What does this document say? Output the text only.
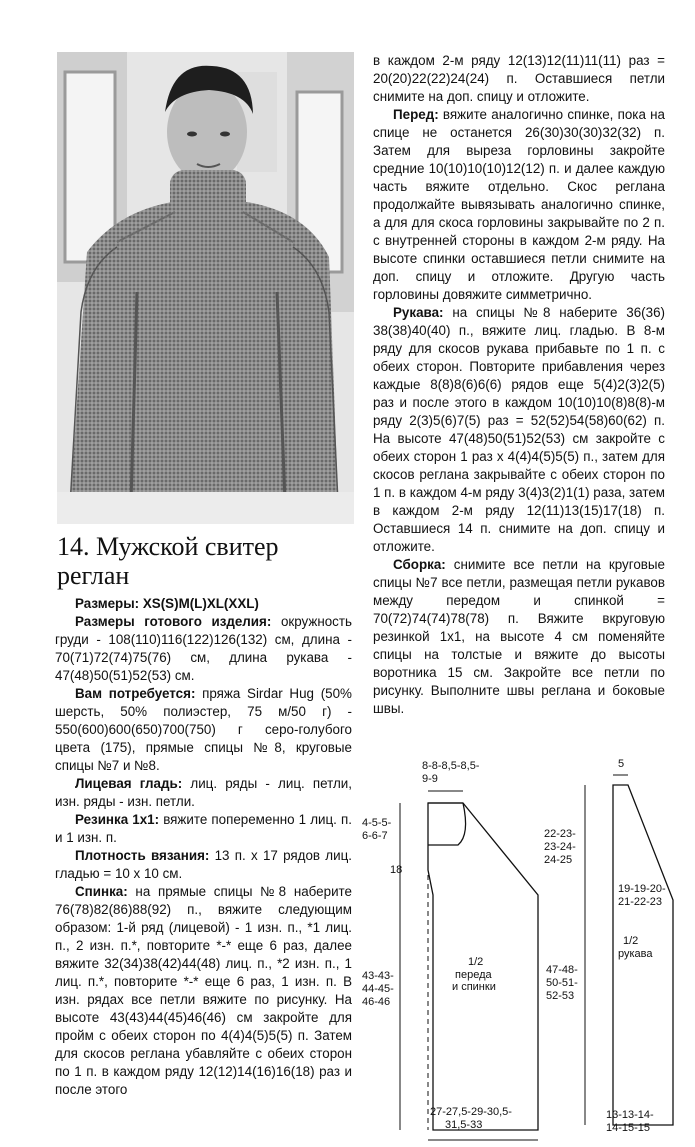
14. Мужской свитер реглан

Размеры: XS(S)M(L)XL(XXL)

Размеры готового изделия: окружность груди - 108(110)116(122)126(132) см, длина - 70(71)72(74)75(76) см, длина рукава - 47(48)50(51)52(53) см.

Вам потребуется: пряжа Sirdar Hug (50% шерсть, 50% полиэстер, 75 м/50 г) - 550(600)600(650)700(750) г серо-голубого цвета (175), прямые спицы №8, круговые спицы №7 и №8.

Лицевая гладь: лиц. ряды - лиц. петли, изн. ряды - изн. петли.

Резинка 1х1: вяжите попеременно 1 лиц. п. и 1 изн. п.

Плотность вязания: 13 п. х 17 рядов лиц. гладью = 10 х 10 см.

Спинка: на прямые спицы №8 наберите 76(78)82(86)88(92) п., вяжите следующим образом: 1-й ряд (лицевой) - 1 изн. п., *1 лиц. п., 2 изн. п.*, повторите *-* еще 6 раз, далее вяжите 32(34)38(42)44(48) лиц. п., *2 изн. п., 1 лиц. п.*, повторите *-* еще 6 раз, 1 изн. п. В изн. рядах все петли вяжите по рисунку. На высоте 43(43)44(45)46(46) см закройте для пройм с обеих сторон по 4(4)4(5)5(5) п. Затем для скосов реглана убавляйте с обеих сторон по 1 п. в каждом ряду 12(12)14(16)16(18) раз и после этого

в каждом 2-м ряду 12(13)12(11)11(11) раз = 20(20)22(22)24(24) п. Оставшиеся петли снимите на доп. спицу и отложите.

Перед: вяжите аналогично спинке, пока на спице не останется 26(30)30(30)32(32) п. Затем для выреза горловины закройте средние 10(10)10(10)12(12) п. и далее каждую часть вяжите отдельно. Скос реглана продолжайте вывязывать аналогично спинке, а для для скоса горловины закрывайте по 2 п. с внутренней стороны в каждом 2-м ряду. На высоте спинки оставшиеся петли снимите на доп. спицу и отложите. Другую часть горловины довяжите симметрично.

Рукава: на спицы №8 наберите 36(36) 38(38)40(40) п., вяжите лиц. гладью. В 8-м ряду для скосов рукава прибавьте по 1 п. с обеих сторон. Повторите прибавления через каждые 8(8)8(6)6(6) рядов еще 5(4)2(3)2(5) раз и после этого в каждом 10(10)10(8)8(8)-м ряду 2(3)5(6)7(5) раз = 52(52)54(58)60(62) п. На высоте 47(48)50(51)52(53) см закройте с обеих сторон 1 раз х 4(4)4(5)5(5) п., затем для скосов реглана закрывайте с обеих сторон по 1 п. в каждом 4-м ряду 3(4)3(2)1(1) раза, затем в каждом 2-м ряду 12(11)13(15)17(18) п. Оставшиеся 14 п. снимите на доп. спицу и отложите.

Сборка: снимите все петли на круговые спицы №7 все петли, размещая петли рукавов между передом и спинкой = 70(72)74(74)78(78) п. Вяжите вкруговую резинкой 1х1, на высоте 4 см поменяйте спицы на толстые и вяжите до высоты воротника 15 см. Закройте все петли по рисунку. Выполните швы реглана и боковые швы.

8-8-8,5-8,5-
9-9
4-5-5-
6-6-7
18
43-43-
44-45-
46-46
1/2
переда
и спинки
27-27,5-29-30,5-
31,5-33
5
22-23-
23-24-
24-25
19-19-20-
21-22-23
1/2
рукава
47-48-
50-51-
52-53
13-13-14-
14-15-15
